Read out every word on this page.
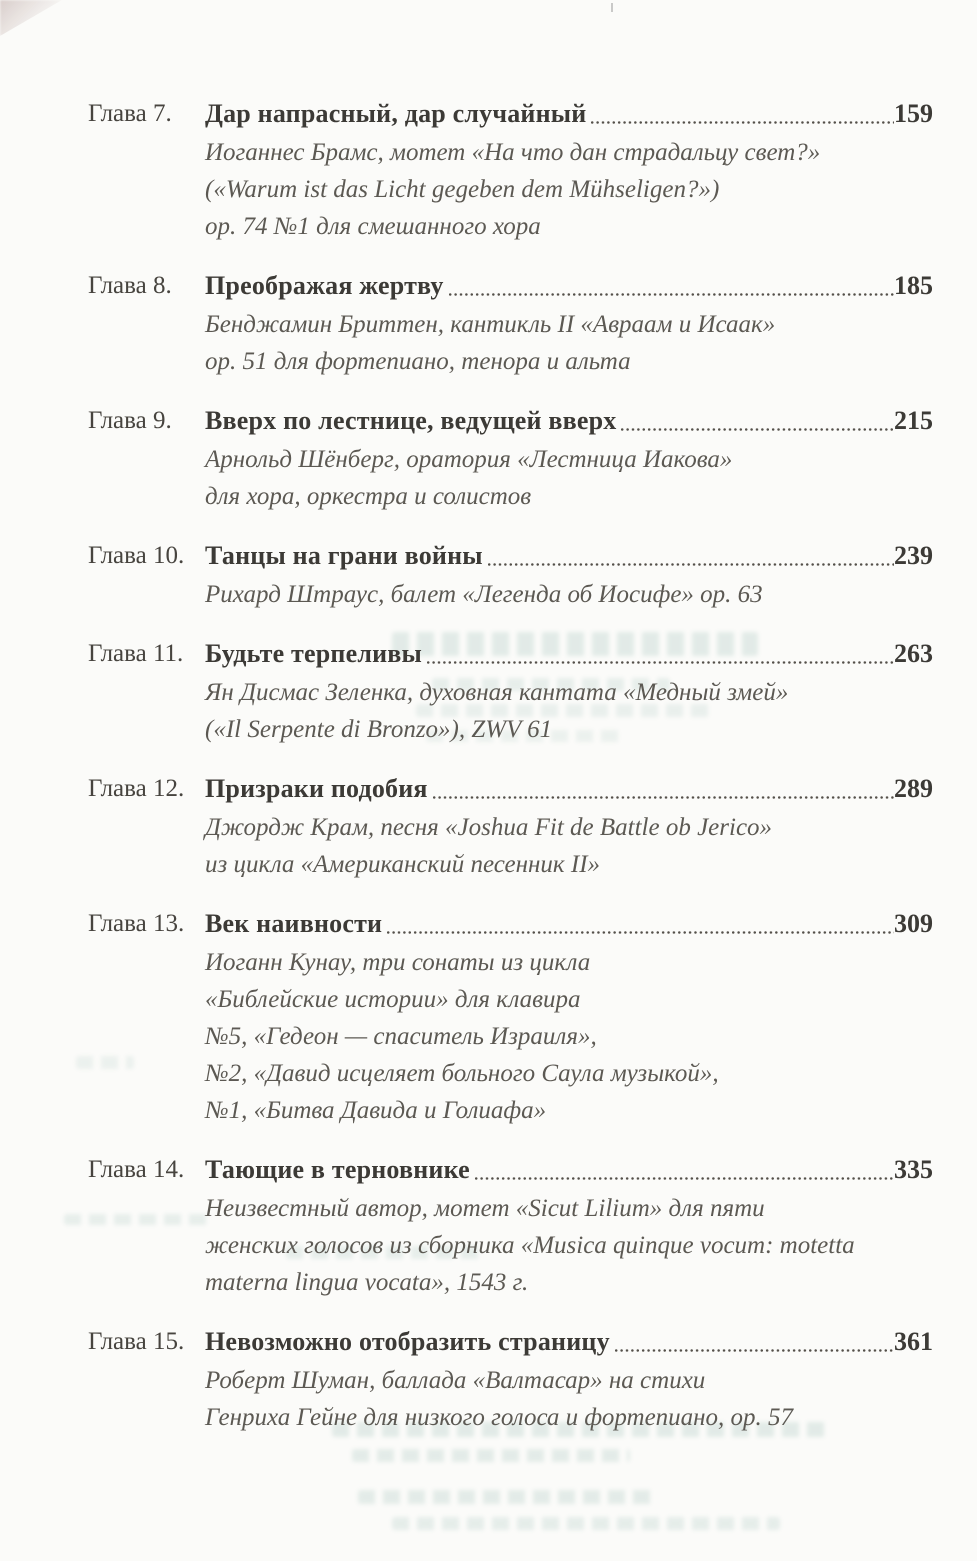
Глава 7.	Дар напрасный, дар случайный	159
Иоганнес Брамс, мотет «На что дан страдальцу свет?»
(«Warum ist das Licht gegeben dem Mühseligen?»)
op. 74 №1 для смешанного хора
Глава 8.	Преображая жертву	185
Бенджамин Бриттен, кантикль II «Авраам и Исаак»
op. 51 для фортепиано, тенора и альта
Глава 9.	Вверх по лестнице, ведущей вверх	215
Арнольд Шёнберг, оратория «Лестница Иакова»
для хора, оркестра и солистов
Глава 10. Танцы на грани войны	239
Рихард Штраус, балет «Легенда об Иосифе» op. 63
Глава 11. Будьте терпеливы	263
Ян Дисмас Зеленка, духовная кантата «Медный змей»
(«Il Serpente di Bronzo»), ZWV 61
Глава 12. Призраки подобия	289
Джордж Крам, песня «Joshua Fit de Battle ob Jerico»
из цикла «Американский песенник II»
Глава 13. Век наивности	309
Иоганн Кунау, три сонаты из цикла
«Библейские истории» для клавира
№5, «Гедеон — спаситель Израиля»,
№2, «Давид исцеляет больного Саула музыкой»,
№1, «Битва Давида и Голиафа»
Глава 14. Тающие в терновнике	335
Неизвестный автор, мотет «Sicut Lilium» для пяти
женских голосов из сборника «Musica quinque vocum: motetta
materna lingua vocata», 1543 г.
Глава 15. Невозможно отобразить страницу	361
Роберт Шуман, баллада «Валтасар» на стихи
Генриха Гейне для низкого голоса и фортепиано, op. 57
